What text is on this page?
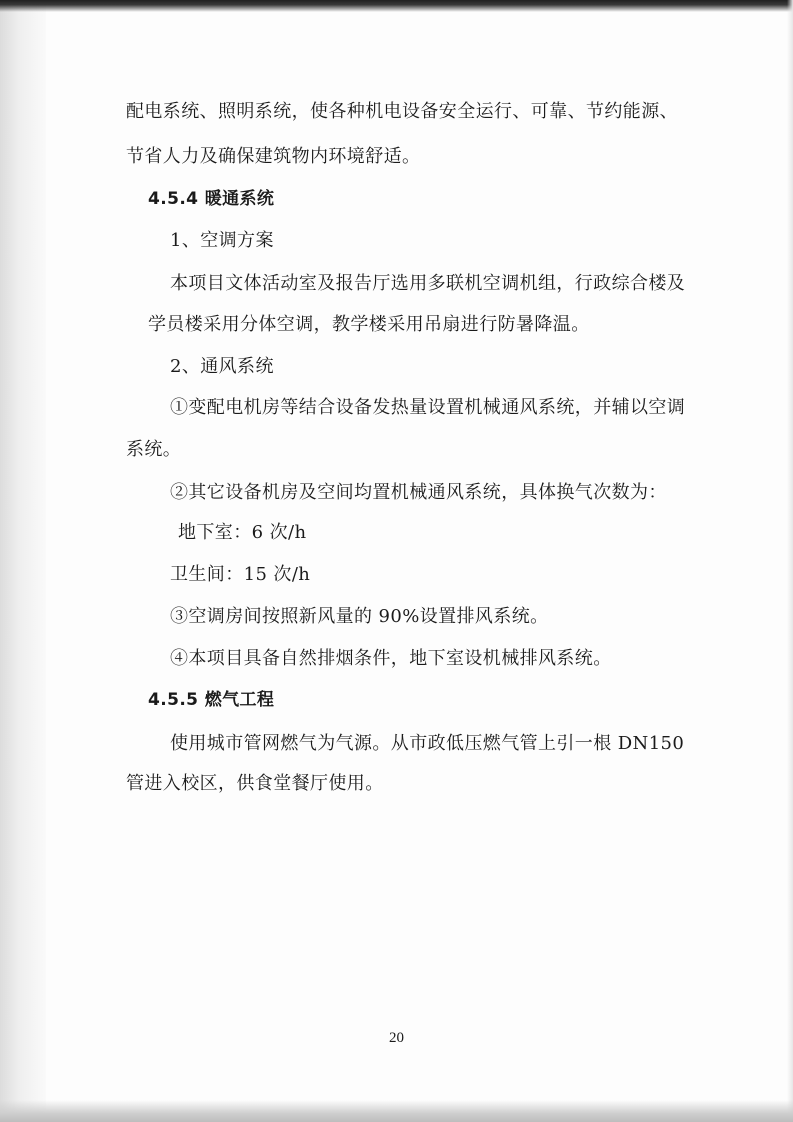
配电系统、照明系统，使各种机电设备安全运行、可靠、节约能源、
节省人力及确保建筑物内环境舒适。
4.5.4 暖通系统
1、空调方案
本项目文体活动室及报告厅选用多联机空调机组，行政综合楼及
学员楼采用分体空调，教学楼采用吊扇进行防暑降温。
2、通风系统
①变配电机房等结合设备发热量设置机械通风系统，并辅以空调
系统。
②其它设备机房及空间均置机械通风系统，具体换气次数为：
地下室：6 次/h
卫生间：15 次/h
③空调房间按照新风量的 90%设置排风系统。
④本项目具备自然排烟条件，地下室设机械排风系统。
4.5.5 燃气工程
使用城市管网燃气为气源。从市政低压燃气管上引一根 DN150
管进入校区，供食堂餐厅使用。
20
